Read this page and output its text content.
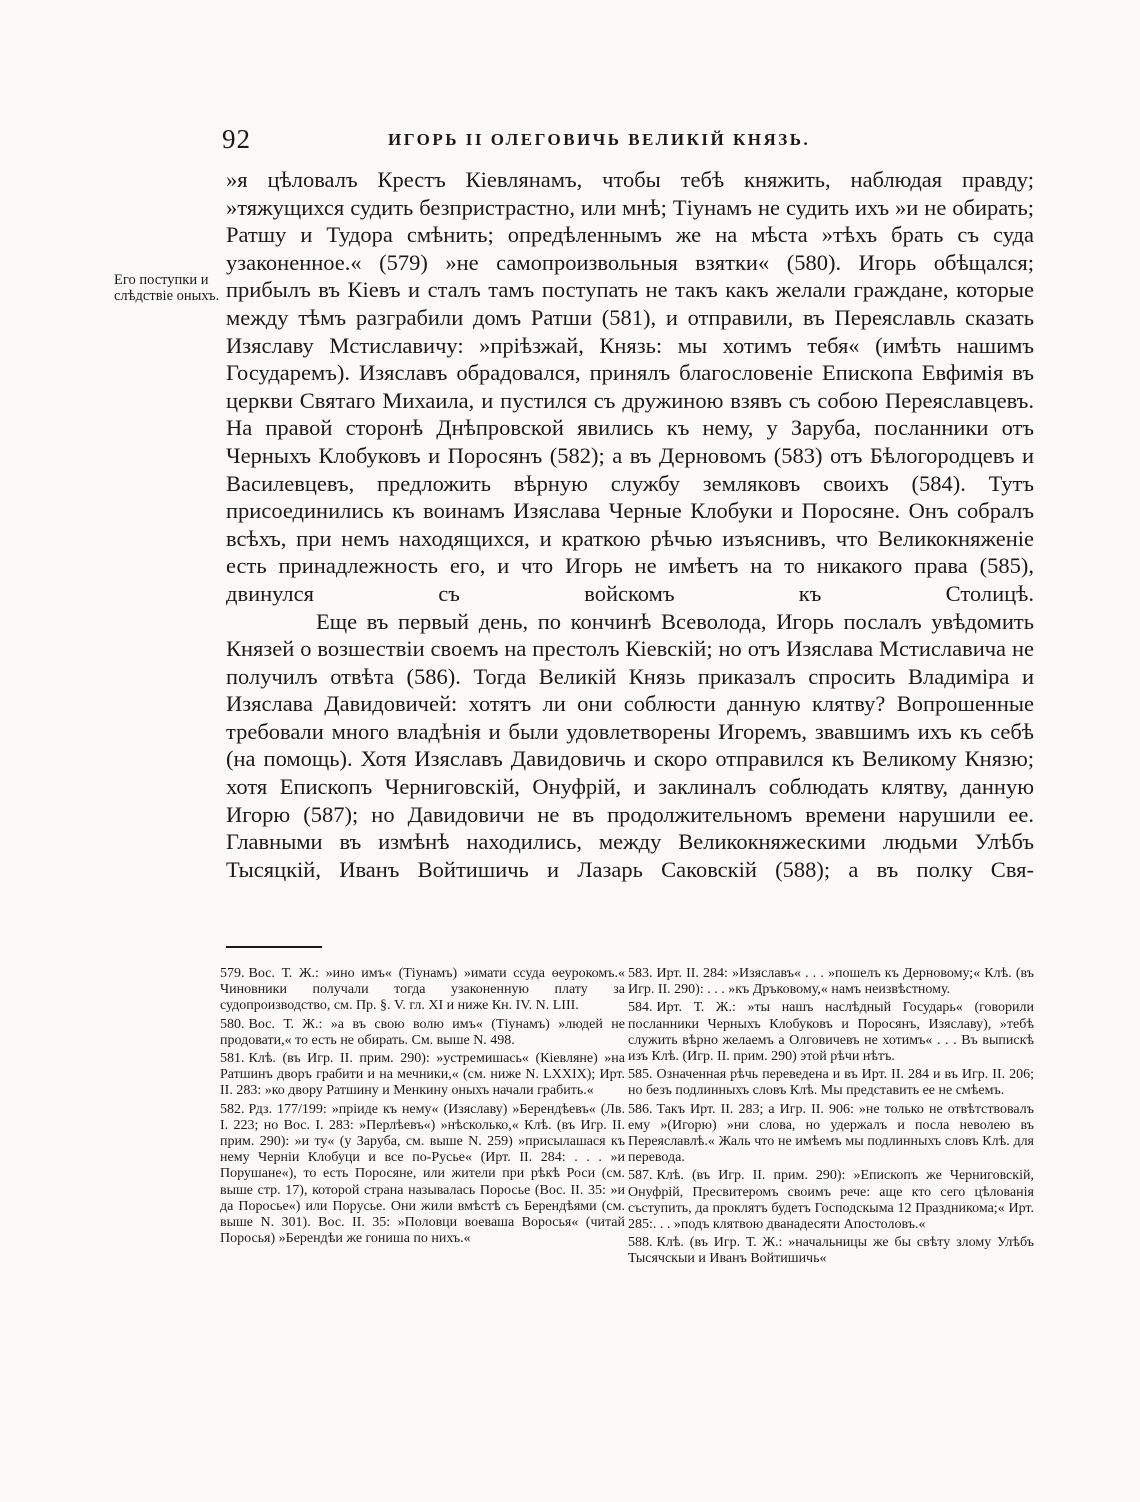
92	ИГОРЬ II ОЛЕГОВИЧЬ ВЕЛИКІЙ КНЯЗЬ.
Его поступки и слѣдствіе оныхъ.

»я цѣловалъ Крестъ Кіевлянамъ, чтобы тебѣ княжить, наблюдая правду; »тяжущихся судить безпристрастно, или мнѣ; Тіунамъ не судить ихъ »и не обирать; Ратшу и Тудора смѣнить; опредѣленнымъ же на мѣста »тѣхъ брать съ суда узаконенное.« (579) »не самопроизвольныя взятки« (580). Игорь обѣщался; прибылъ въ Кіевъ и сталъ тамъ поступать не такъ какъ желали граждане, которые между тѣмъ разграбили домъ Ратши (581), и отправили, въ Переяславль сказать Изяславу Мстиславичу: »пріѣзжай, Князь: мы хотимъ тебя« (имѣть нашимъ Государемъ). Изяславъ обрадовался, принялъ благословеніе Епископа Евфимія въ церкви Святаго Михаила, и пустился съ дружиною взявъ съ собою Переяславцевъ. На правой сторонѣ Днѣпровской явились къ нему, у Заруба, посланники отъ Черныхъ Клобуковъ и Поросянъ (582); а въ Дерновомъ (583) отъ Бѣлогородцевъ и Василевцевъ, предложить вѣрную службу земляковъ своихъ (584). Тутъ присоединились къ воинамъ Изяслава Черные Клобуки и Поросяне. Онъ собралъ всѣхъ, при немъ находящихся, и краткою рѣчью изъяснивъ, что Великокняженіе есть принадлежность его, и что Игорь не имѣетъ на то никакого права (585), двинулся съ войскомъ къ Столицѣ.

Еще въ первый день, по кончинѣ Всеволода, Игорь послалъ увѣдомить Князей о возшествіи своемъ на престолъ Кіевскій; но отъ Изяслава Мстиславича не получилъ отвѣта (586). Тогда Великій Князь приказалъ спросить Владиміра и Изяслава Давидовичей: хотятъ ли они соблюсти данную клятву? Вопрошенные требовали много владѣнія и были удовлетворены Игоремъ, звавшимъ ихъ къ себѣ (на помощь). Хотя Изяславъ Давидовичь и скоро отправился къ Великому Князю; хотя Епископъ Черниговскій, Онуфрій, и заклиналъ соблюдать клятву, данную Игорю (587); но Давидовичи не въ продолжительномъ времени нарушили ее. Главными въ измѣнѣ находились, между Великокняжескими людьми Улѣбъ Тысяцкій, Иванъ Войтишичь и Лазарь Саковскій (588); а въ полку Свя-

579. Вос. Т. Ж.: »ино имъ« (Тіунамъ) »имати ссуда ѳеурокомъ.« Чиновники получали тогда узаконенную плату за судопроизводство, см. Пр. §. V. гл. XI и ниже Кн. IV. N. LIII.

580. Вос. Т. Ж.: »а въ свою волю имъ« (Тіунамъ) »людей не продовати,« то есть не обирать. См. выше N. 498.

581. Клѣ. (въ Игр. II. прим. 290): »устремишась« (Кіевляне) »на Ратшинъ дворъ грабити и на мечники,« (см. ниже N. LXXIX); Ирт. II. 283: »ко двору Ратшину и Менкину оныхъ начали грабить.«

582. Рдз. 177/199: »пріиде къ нему« (Изяславу) »Берендѣевъ« (Лв. I. 223; но Вос. I. 283: »Перлѣевъ«) »нѣсколько,« Клѣ. (въ Игр. II. прим. 290): »и ту« (у Заруба, см. выше N. 259) »присылашася къ нему Черніи Клобуци и все по-Русье« (Ирт. II. 284: . . . »и Порушане«), то есть Поросяне, или жители при рѣкѣ Роси (см. выше стр. 17), которой страна называлась Поросье (Вос. II. 35: »и да Поросье«) или Порусье. Они жили вмѣстѣ съ Берендѣями (см. выше N. 301). Вос. II. 35: »Половци воеваша Воросья« (читай Поросья) »Берендѣи же гониша по нихъ.«

583. Ирт. II. 284: »Изяславъ« . . . »пошелъ къ Дерновому;« Клѣ. (въ Игр. II. 290): . . . »къ Дръковому,« намъ неизвѣстному.

584. Ирт. Т. Ж.: »ты нашъ наслѣдный Государь« (говорили посланники Черныхъ Клобуковъ и Поросянъ, Изяславу), »тебѣ служить вѣрно желаемъ а Олговичевъ не хотимъ« . . . Въ выпискѣ изъ Клѣ. (Игр. II. прим. 290) этой рѣчи нѣтъ.

585. Означенная рѣчь переведена и въ Ирт. II. 284 и въ Игр. II. 206; но безъ подлинныхъ словъ Клѣ. Мы представить ее не смѣемъ.

586. Такъ Ирт. II. 283; а Игр. II. 906: »не только не отвѣтствовалъ ему »(Игорю) »ни слова, но удержалъ и посла неволею въ Переяславлѣ.« Жаль что не имѣемъ мы подлинныхъ словъ Клѣ. для перевода.

587. Клѣ. (въ Игр. II. прим. 290): »Епископъ же Черниговскій, Онуфрій, Пресвитеромъ своимъ рече: аще кто сего цѣлованія съступить, да проклятъ будетъ Господскыма 12 Праздникома;« Ирт. 285:. . . »подъ клятвою дванадесяти Апостоловъ.«

588. Клѣ. (въ Игр. Т. Ж.: »начальницы же бы свѣту злому Улѣбъ Тысячскыи и Иванъ Войтишичь«
